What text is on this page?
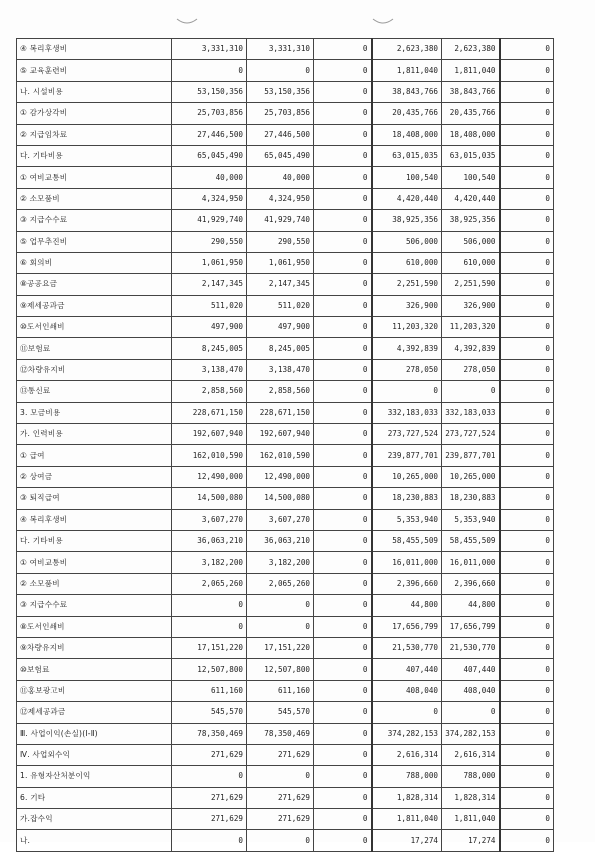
④ 복리후생비	3,331,310	3,331,310	0	2,623,380	2,623,380	0
⑤ 교육훈련비	0	0	0	1,811,040	1,811,040	0
나. 시설비용	53,150,356	53,150,356	0	38,843,766	38,843,766	0
① 감가상각비	25,703,856	25,703,856	0	20,435,766	20,435,766	0
② 지급임차료	27,446,500	27,446,500	0	18,408,000	18,408,000	0
다. 기타비용	65,045,490	65,045,490	0	63,015,035	63,015,035	0
① 여비교통비	40,000	40,000	0	100,540	100,540	0
② 소모품비	4,324,950	4,324,950	0	4,420,440	4,420,440	0
③ 지급수수료	41,929,740	41,929,740	0	38,925,356	38,925,356	0
⑤ 업무추진비	290,550	290,550	0	506,000	506,000	0
⑥ 회의비	1,061,950	1,061,950	0	610,000	610,000	0
⑧공공요금	2,147,345	2,147,345	0	2,251,590	2,251,590	0
⑨제세공과금	511,020	511,020	0	326,900	326,900	0
⑩도서인쇄비	497,900	497,900	0	11,203,320	11,203,320	0
⑪보험료	8,245,005	8,245,005	0	4,392,839	4,392,839	0
⑫차량유지비	3,138,470	3,138,470	0	278,050	278,050	0
⑬통신료	2,858,560	2,858,560	0	0	0	0
3. 모금비용	228,671,150	228,671,150	0	332,183,033	332,183,033	0
가. 인력비용	192,607,940	192,607,940	0	273,727,524	273,727,524	0
① 급여	162,010,590	162,010,590	0	239,877,701	239,877,701	0
② 상여금	12,490,000	12,490,000	0	10,265,000	10,265,000	0
③ 퇴직급여	14,500,080	14,500,080	0	18,230,883	18,230,883	0
④ 복리후생비	3,607,270	3,607,270	0	5,353,940	5,353,940	0
다. 기타비용	36,063,210	36,063,210	0	58,455,509	58,455,509	0
① 여비교통비	3,182,200	3,182,200	0	16,011,000	16,011,000	0
② 소모품비	2,065,260	2,065,260	0	2,396,660	2,396,660	0
③ 지급수수료	0	0	0	44,800	44,800	0
⑧도서인쇄비	0	0	0	17,656,799	17,656,799	0
⑨차량유지비	17,151,220	17,151,220	0	21,530,770	21,530,770	0
⑩보험료	12,507,800	12,507,800	0	407,440	407,440	0
⑪홍보광고비	611,160	611,160	0	408,040	408,040	0
⑫제세공과금	545,570	545,570	0	0	0	0
Ⅲ. 사업이익(손실)(Ⅰ-Ⅱ)	78,350,469	78,350,469	0	374,282,153	374,282,153	0
Ⅳ. 사업외수익	271,629	271,629	0	2,616,314	2,616,314	0
1. 유형자산처분이익	0	0	0	788,000	788,000	0
6. 기타	271,629	271,629	0	1,828,314	1,828,314	0
가.잡수익	271,629	271,629	0	1,811,040	1,811,040	0
나.	0	0	0	17,274	17,274	0
